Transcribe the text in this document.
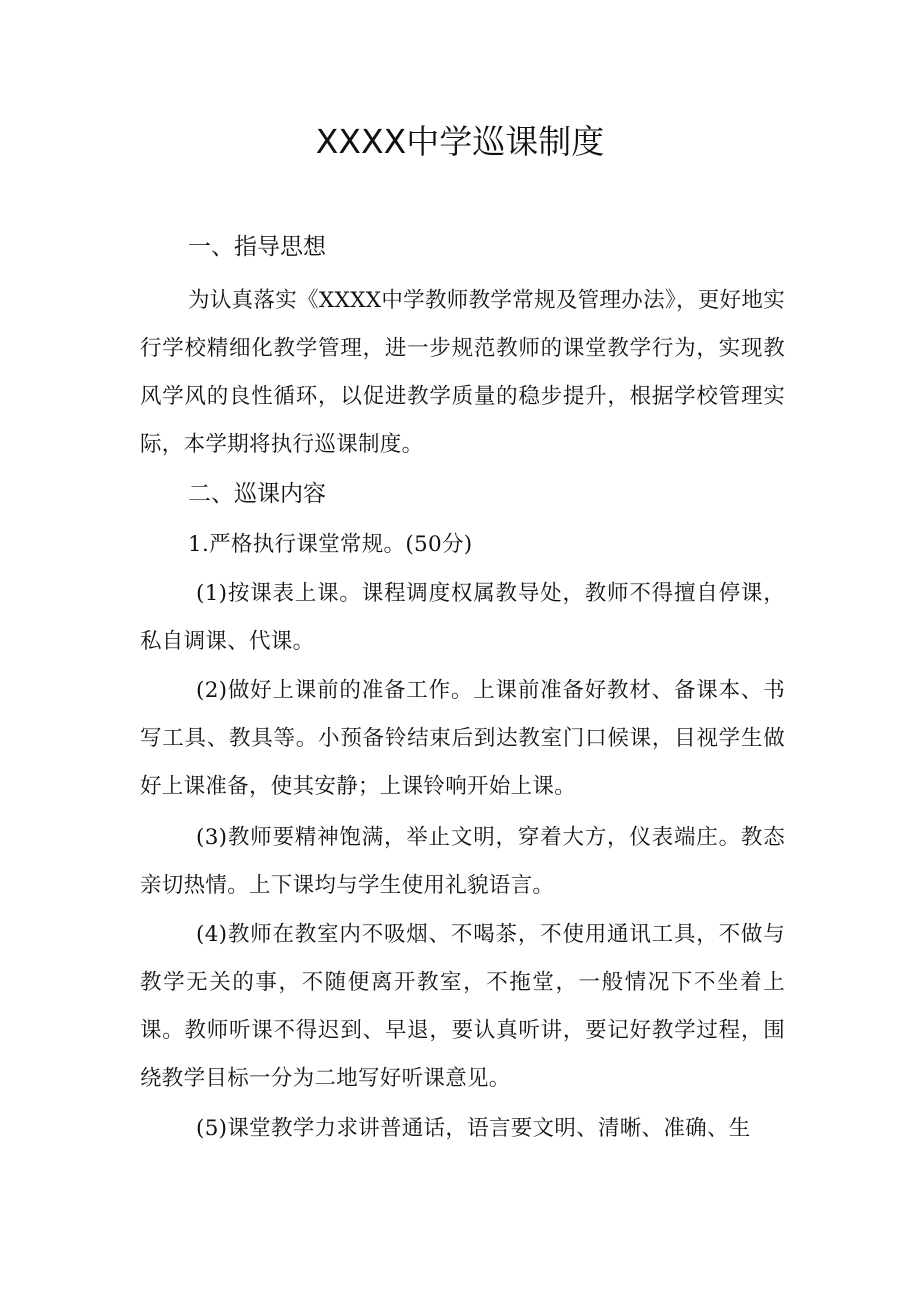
XXXX中学巡课制度
一、指导思想

为认真落实《XXXX中学教师教学常规及管理办法》，更好地实行学校精细化教学管理，进一步规范教师的课堂教学行为，实现教风学风的良性循环，以促进教学质量的稳步提升，根据学校管理实际，本学期将执行巡课制度。

二、巡课内容

1.严格执行课堂常规。(50分)

(1)按课表上课。课程调度权属教导处，教师不得擅自停课，私自调课、代课。

(2)做好上课前的准备工作。上课前准备好教材、备课本、书写工具、教具等。小预备铃结束后到达教室门口候课，目视学生做好上课准备，使其安静；上课铃响开始上课。

(3)教师要精神饱满，举止文明，穿着大方，仪表端庄。教态亲切热情。上下课均与学生使用礼貌语言。

(4)教师在教室内不吸烟、不喝茶，不使用通讯工具，不做与教学无关的事，不随便离开教室，不拖堂，一般情况下不坐着上课。教师听课不得迟到、早退，要认真听讲，要记好教学过程，围绕教学目标一分为二地写好听课意见。

(5)课堂教学力求讲普通话，语言要文明、清晰、准确、生
